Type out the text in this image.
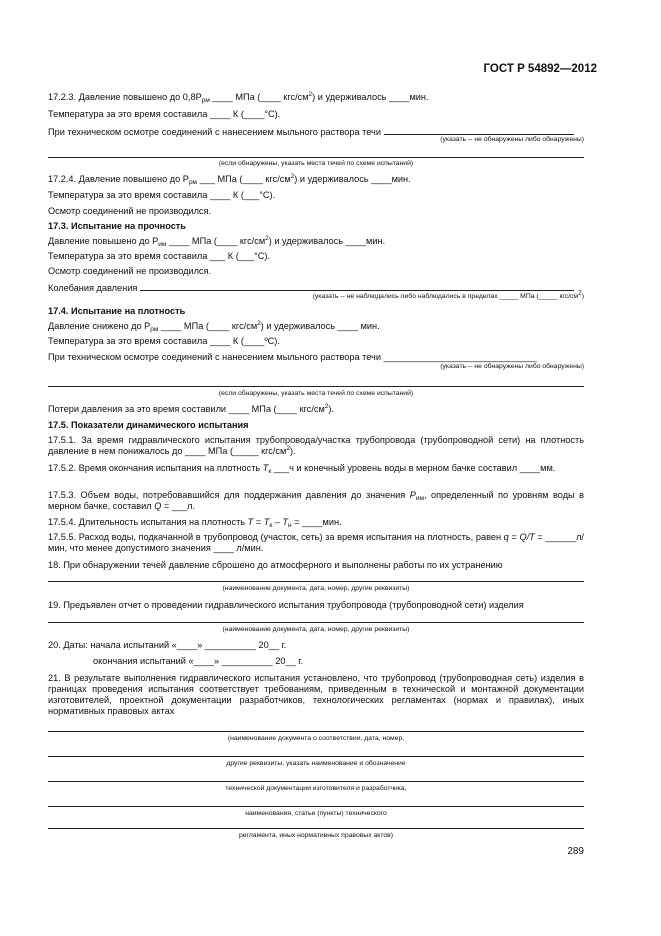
ГОСТ Р 54892—2012
17.2.3. Давление повышено до $0,8P_{рм}$ ____ МПа (____ кгс/$см^2$) и удерживалось ____мин.
Температура за это время составила ____ К (____°С).
При техническом осмотре соединений с нанесением мыльного раствора течи
(указать -- не обнаружены либо обнаружены)
(если обнаружены, указать места течей по схеме испытаний)
17.2.4. Давление повышено до $P_{рм}$ ___ МПа (____ кгс/$см^2$) и удерживалось ____мин.
Температура за это время составила ____ К (___°С).
Осмотр соединений не производился.
17.3. Испытание на прочность
Давление повышено до $P_{им}$ ____ МПа (____ кгс/$см^2$) и удерживалось ____мин.
Температура за это время составила ___ К (___°С).
Осмотр соединений не производился.
Колебания давления
(указать -- не наблюдались либо наблюдались в пределах _____ МПа (_____ кгс/$см^2$)
17.4. Испытание на плотность
Давление снижено до $P_{рм}$ ____ МПа (____ кгс/$см^2$) и удерживалось ____ мин.
Температура за это время составила ____ К (____ºС).
При техническом осмотре соединений с нанесением мыльного раствора течи ______________________________
(указать -- не обнаружены либо обнаружены)
(если обнаружены, указать места течей по схеме испытаний)
Потери давления за это время составили ____ МПа (____ кгс/$см^2$).
17.5. Показатели динамического испытания
17.5.1. За время гидравлического испытания трубопровода/участка трубопровода (трубопроводной сети) на плотность давление в нем понижалось до ____ МПа (_____ кгс/$см^2$).
17.5.2. Время окончания испытания на плотность $T_к$ ___ч и конечный уровень воды в мерном бачке составил ____мм.
17.5.3. Объем воды, потребовавшийся для поддержания давления до значения $P_{им}$, определенный по уровням воды в мерном бачке, составил Q = ___л.
17.5.4. Длительность испытания на плотность $T = T_к - T_н$ = ____мин.
17.5.5. Расход воды, подкачанной в трубопровод (участок, сеть) за время испытания на плотность, равен q = Q/T = ______л/мин, что менее допустимого значения ____ л/мин.
18. При обнаружении течей давление сброшено до атмосферного и выполнены работы по их устранению
(наименование документа, дата, номер, другие реквизиты)
19. Предъявлен отчет о проведении гидравлического испытания трубопровода (трубопроводной сети) изделия
(наименование документа, дата, номер, другие реквизиты)
20. Даты: начала испытаний «____» __________ 20__ г.
окончания испытаний «____» __________ 20__ г.
21. В результате выполнения гидравлического испытания установлено, что трубопровод (трубопроводная сеть) изделия в границах проведения испытания соответствует требованиям, приведенным в технической и монтажной документации изготовителей, проектной документации разработчиков, технологических регламентах (нормах и правилах), иных нормативных правовых актах
(наименование документа о соответствии, дата, номер,
другие реквизиты, указать наименование и обозначение
технической документации изготовителя и разработчика,
наименования, статьи (пункты) технического
регламента, иных нормативных правовых актов)
289
